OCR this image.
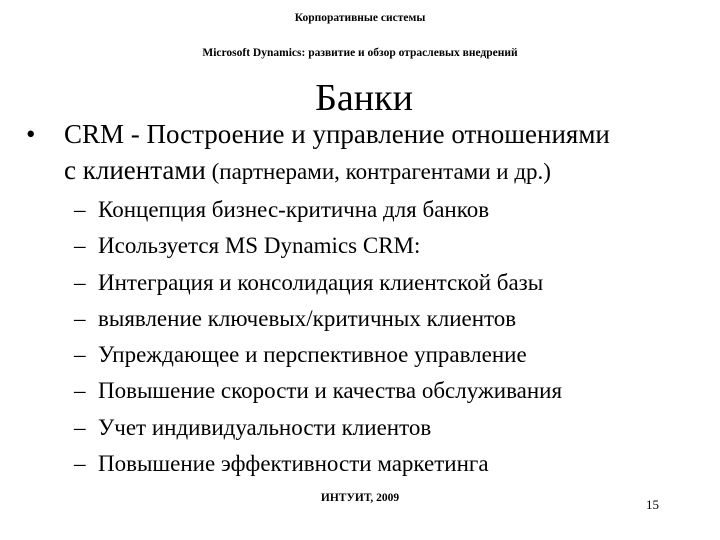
Корпоративные системы
Microsoft Dynamics: развитие и обзор отраслевых внедрений
Банки
• CRM - Построение и управление отношениями
с клиентами (партнерами, контрагентами и др.)
– Концепция бизнес-критична для банков
– Исользуется MS Dynamics CRM:
– Интеграция и консолидация клиентской базы
– выявление ключевых/критичных клиентов
– Упреждающее и перспективное управление
– Повышение скорости и качества обслуживания
– Учет индивидуальности клиентов
– Повышение эффективности маркетинга
ИНТУИТ, 2009	15
